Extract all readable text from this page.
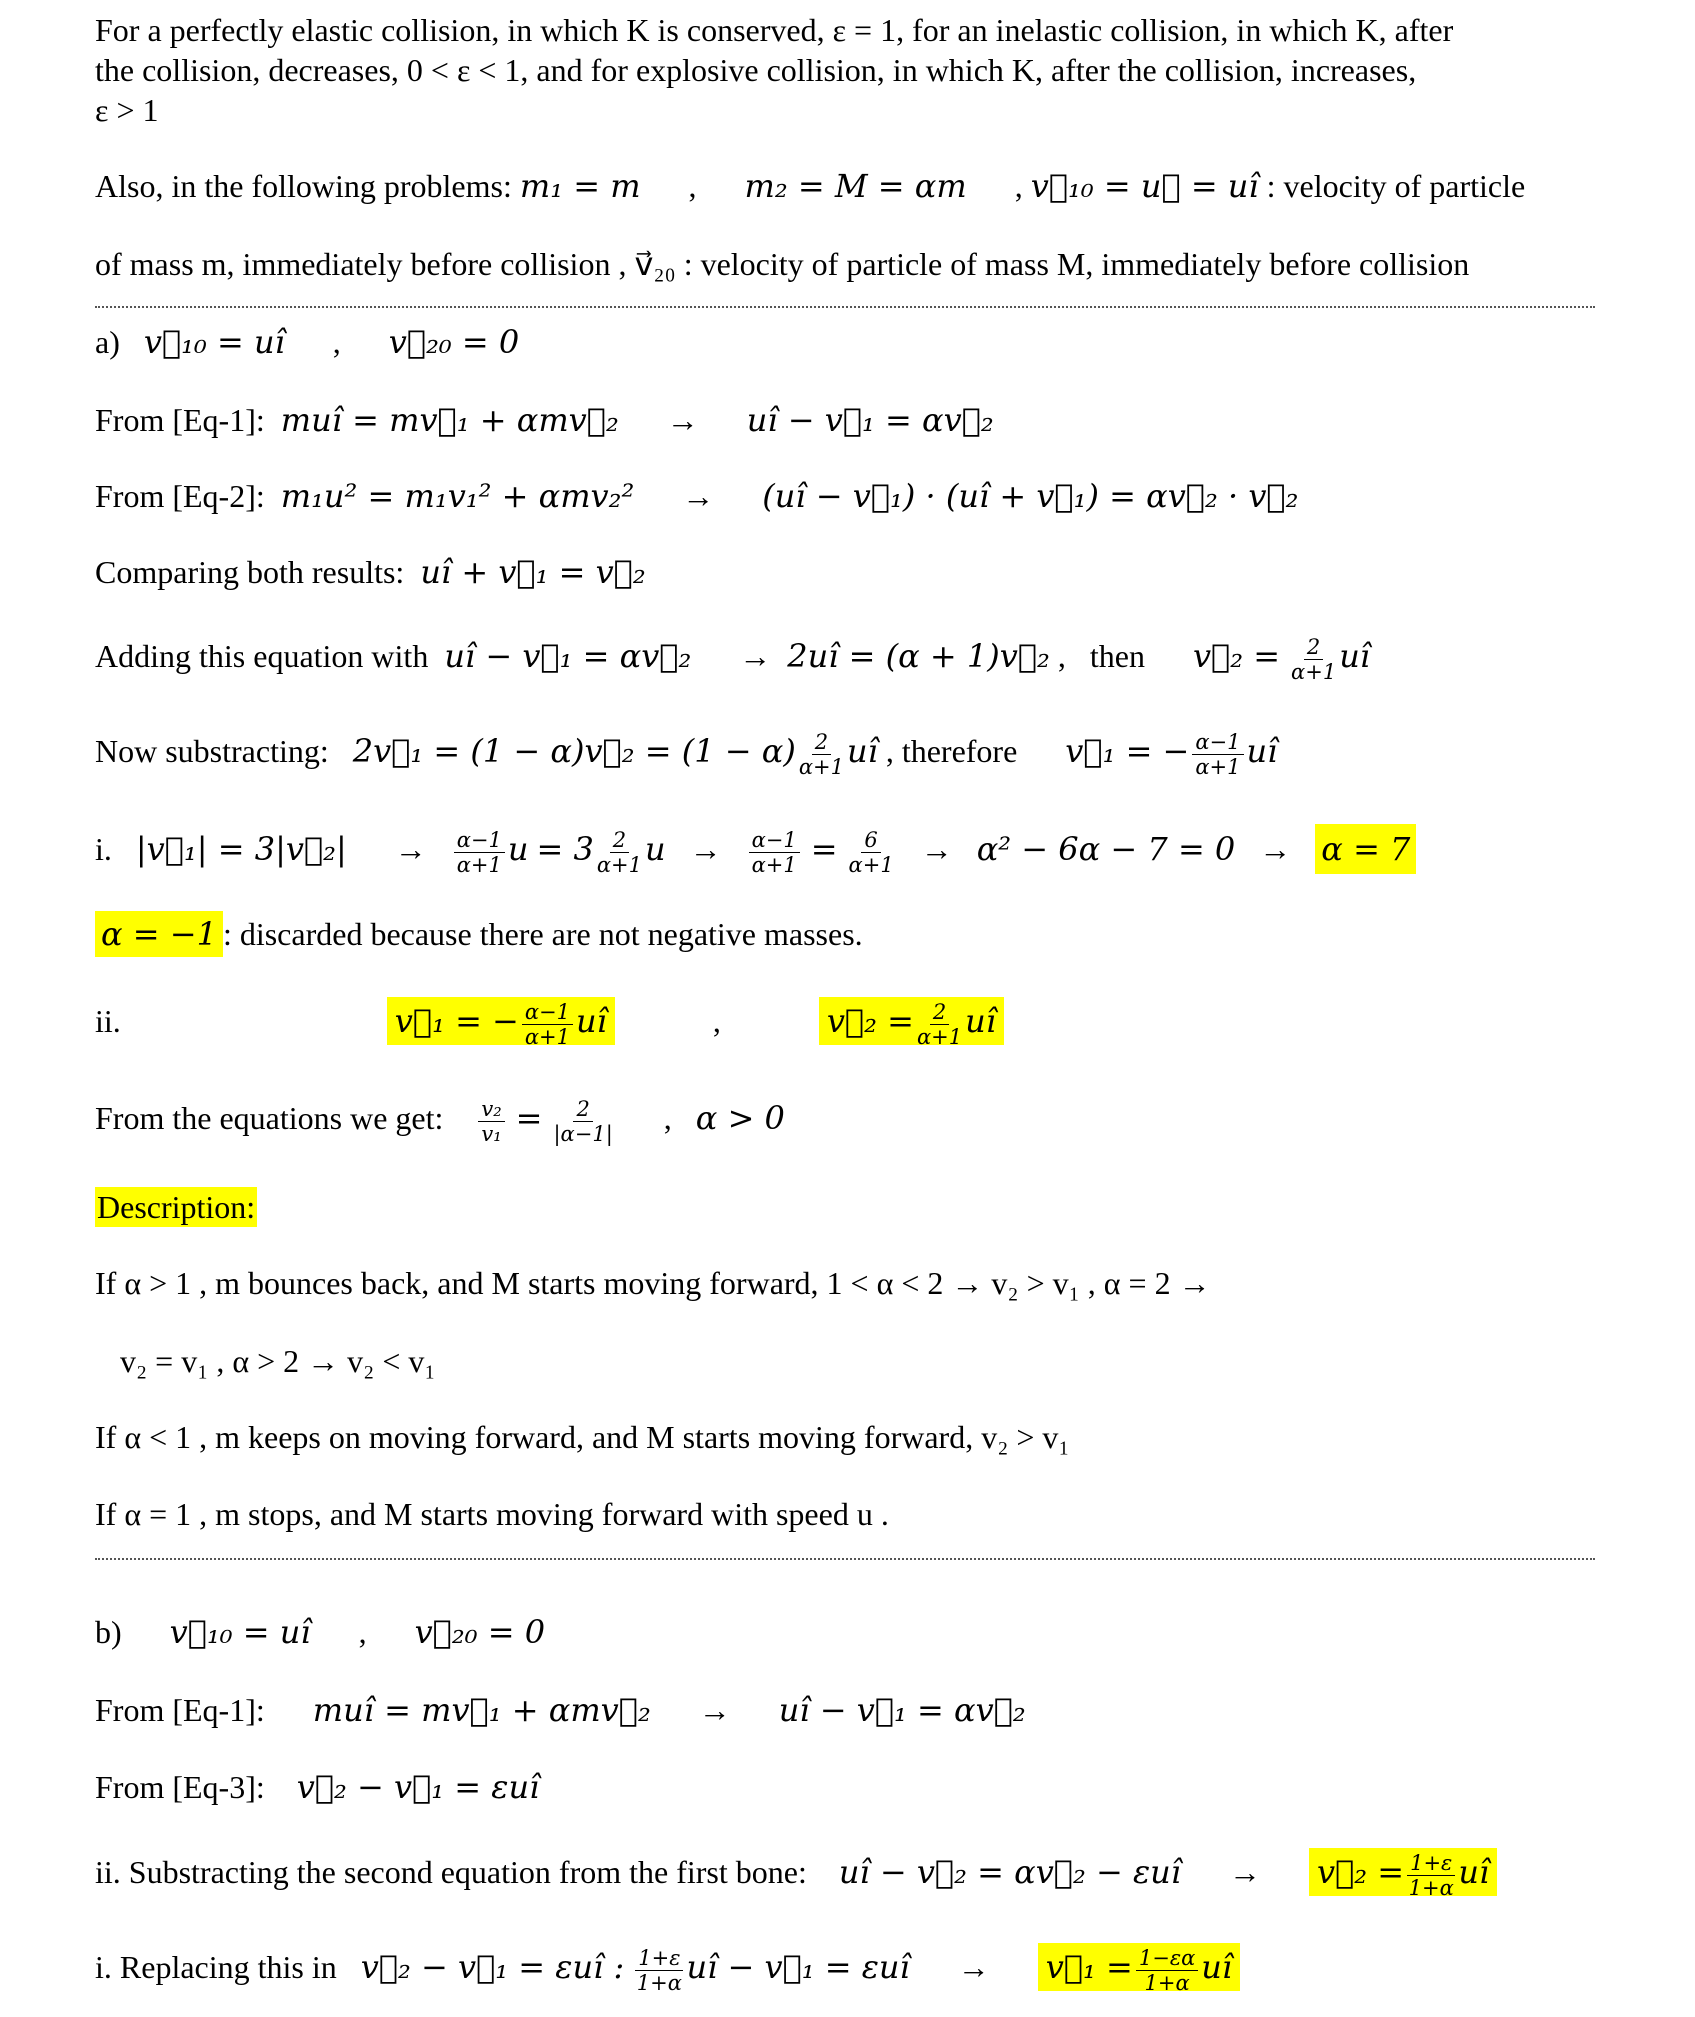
For a perfectly elastic collision, in which K is conserved, ε = 1, for an inelastic collision, in which K, after
the collision, decreases, 0 < ε < 1, and for explosive collision, in which K, after the collision, increases,
ε > 1
Also, in the following problems: m₁ = m , m₂ = M = αm , v⃗₁₀ = u⃗ = uî : velocity of particle
of mass m, immediately before collision , v⃗₂₀ : velocity of particle of mass M, immediately before collision
a) v⃗₁₀ = uî , v⃗₂₀ = 0
From [Eq-1]: muî = mv⃗₁ + αmv⃗₂ → uî − v⃗₁ = αv⃗₂
From [Eq-2]: m₁u² = m₁v₁² + αmv₂² → (uî − v⃗₁) · (uî + v⃗₁) = αv⃗₂ · v⃗₂
Comparing both results: uî + v⃗₁ = v⃗₂
Adding this equation with uî − v⃗₁ = αv⃗₂ → 2uî = (α + 1)v⃗₂ , then v⃗₂ = $\frac{2}{\alpha+1}$ uî
Now substracting: 2v⃗₁ = (1 − α)v⃗₂ = $(1 - \alpha) \frac{2}{\alpha+1}$ uî , therefore v⃗₁ = − $\frac{\alpha-1}{\alpha+1}$ uî
i. |v⃗₁| = 3|v⃗₂| → $\frac{\alpha-1}{\alpha+1}$ $u = 3 \frac{2}{\alpha+1}$ $u \to \frac{\alpha-1}{\alpha+1} = \frac{6}{\alpha+1} \to \alpha^2 - 6\alpha - 7 = 0 \to \alpha = 7$
α = −1 : discarded because there are not negative masses.
ii.	v⃗₁ = − $\frac{\alpha-1}{\alpha+1}$ uî	,	v⃗₂ = $\frac{2}{\alpha+1}$ uî
From the equations we get: $\frac{\text{v₂}}{\text{v₁}} = \frac{2}{|\alpha-1|}$ , α > 0
Description:
If α > 1 , m bounces back, and M starts moving forward, 1 < α < 2 → v₂ > v₁ , α = 2 →
v₂ = v₁ , α > 2 → v₂ < v₁
If α < 1 , m keeps on moving forward, and M starts moving forward, v₂ > v₁
If α = 1 , m stops, and M starts moving forward with speed u .
b) v⃗₁₀ = uî , v⃗₂₀ = 0
From [Eq-1]: muî = mv⃗₁ + αmv⃗₂ → uî − v⃗₁ = αv⃗₂
From [Eq-3]: v⃗₂ − v⃗₁ = εuî
ii. Substracting the second equation from the first bone: uî − v⃗₂ = αv⃗₂ − εuî → v⃗₂ = $\frac{1+\varepsilon}{1+\alpha}$ uî
i. Replacing this in v⃗₂ − v⃗₁ = εuî : $\frac{1+\varepsilon}{1+\alpha}$ uî − v⃗₁ = εuî → v⃗₁ = $\frac{1-\varepsilon\alpha}{1+\alpha}$ uî
